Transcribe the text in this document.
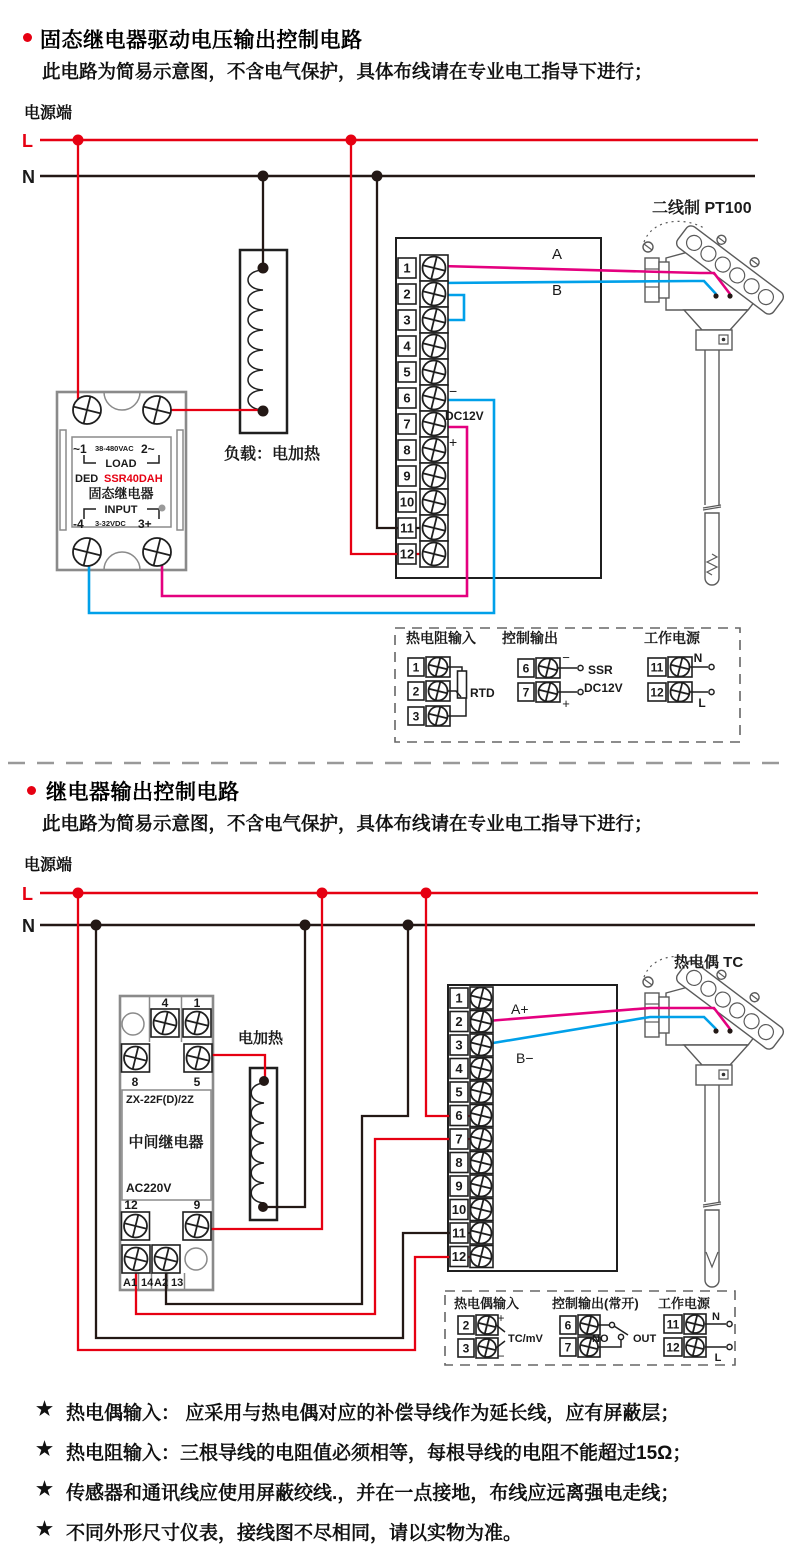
固态继电器驱动电压输出控制电路
此电路为简易示意图，不含电气保护，具体布线请在专业电工指导下进行；
电源端
继电器输出控制电路
此电路为简易示意图，不含电气保护，具体布线请在专业电工指导下进行；
电源端
★ 热电偶输入： 应采用与热电偶对应的补偿导线作为延长线，应有屏蔽层；
★ 热电阻输入：三根导线的电阻值必须相等，每根导线的电阻不能超过15Ω；
★ 传感器和通讯线应使用屏蔽绞线.，并在一点接地，布线应远离强电走线；
★ 不同外形尺寸仪表，接线图不尽相同，请以实物为准。
1
2
3
4
5
6
7
8
9
10
11
12
1
2
3
4
5
6
7
8
9
10
11
12
1
2
3
6
7
11
12
2
3
6
7
11
12
L
N
负载：电加热
二线制 PT100
~1 38-480VAC 2~
LOAD
DED SSR40DAH
固态继电器
INPUT
-4 3-32VDC 3+
A
B
−
DC12V
+
热电阻输入
RTD
控制输出
−
SSR
DC12V
+
工作电源
N
L
L
N
电加热
热电偶 TC
4 1
8	5
ZX-22F(D)/2Z
中间继电器
AC220V
12	9
A1 14 A2 13
A+
B−
热电偶输入
+
−
TC/mV
控制输出(常开)
NO OUT
工作电源
N
L
